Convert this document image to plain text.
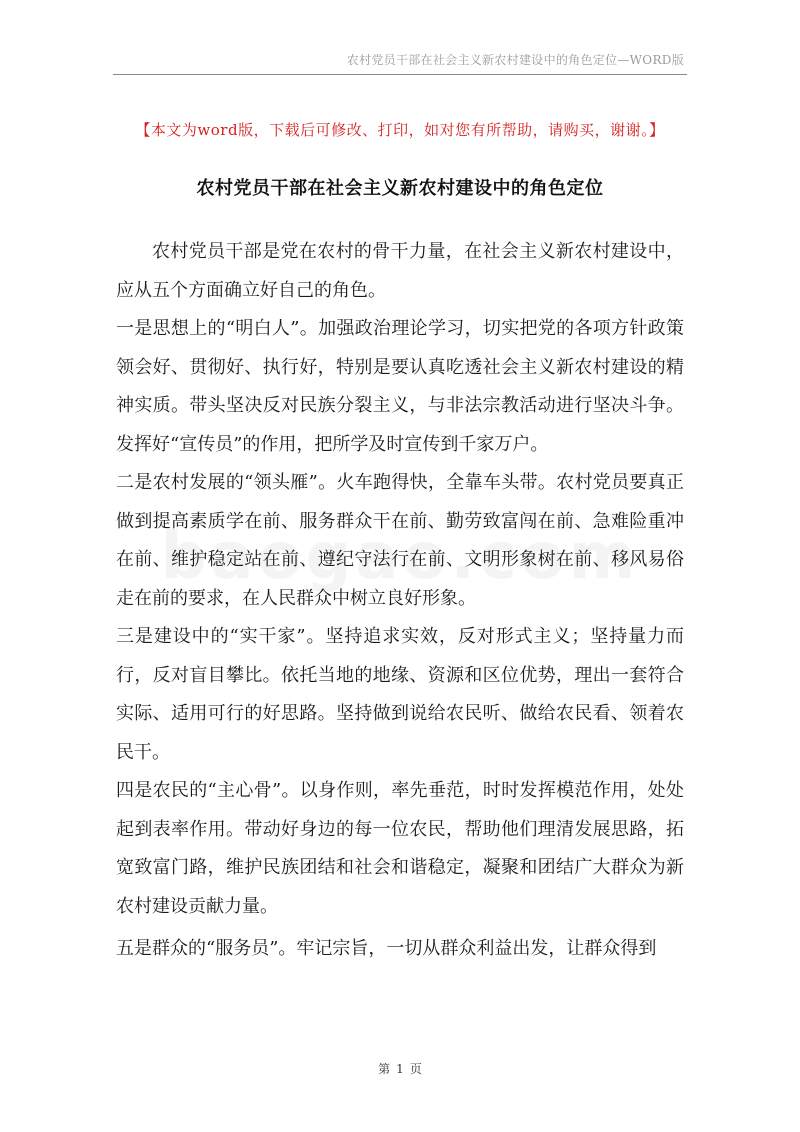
农村党员干部在社会主义新农村建设中的角色定位—WORD版
【本文为word版，下载后可修改、打印，如对您有所帮助，请购买，谢谢。】
农村党员干部在社会主义新农村建设中的角色定位

农村党员干部是党在农村的骨干力量，在社会主义新农村建设中，应从五个方面确立好自己的角色。

一是思想上的“明白人”。加强政治理论学习，切实把党的各项方针政策领会好、贯彻好、执行好，特别是要认真吃透社会主义新农村建设的精神实质。带头坚决反对民族分裂主义，与非法宗教活动进行坚决斗争。发挥好“宣传员”的作用，把所学及时宣传到千家万户。

二是农村发展的“领头雁”。火车跑得快，全靠车头带。农村党员要真正做到提高素质学在前、服务群众干在前、勤劳致富闯在前、急难险重冲在前、维护稳定站在前、遵纪守法行在前、文明形象树在前、移风易俗走在前的要求，在人民群众中树立良好形象。

三是建设中的“实干家”。坚持追求实效，反对形式主义；坚持量力而行，反对盲目攀比。依托当地的地缘、资源和区位优势，理出一套符合实际、适用可行的好思路。坚持做到说给农民听、做给农民看、领着农民干。

四是农民的“主心骨”。以身作则，率先垂范，时时发挥模范作用，处处起到表率作用。带动好身边的每一位农民，帮助他们理清发展思路，拓宽致富门路，维护民族团结和社会和谐稳定，凝聚和团结广大群众为新农村建设贡献力量。

五是群众的“服务员”。牢记宗旨，一切从群众利益出发，让群众得到

第 1 页
